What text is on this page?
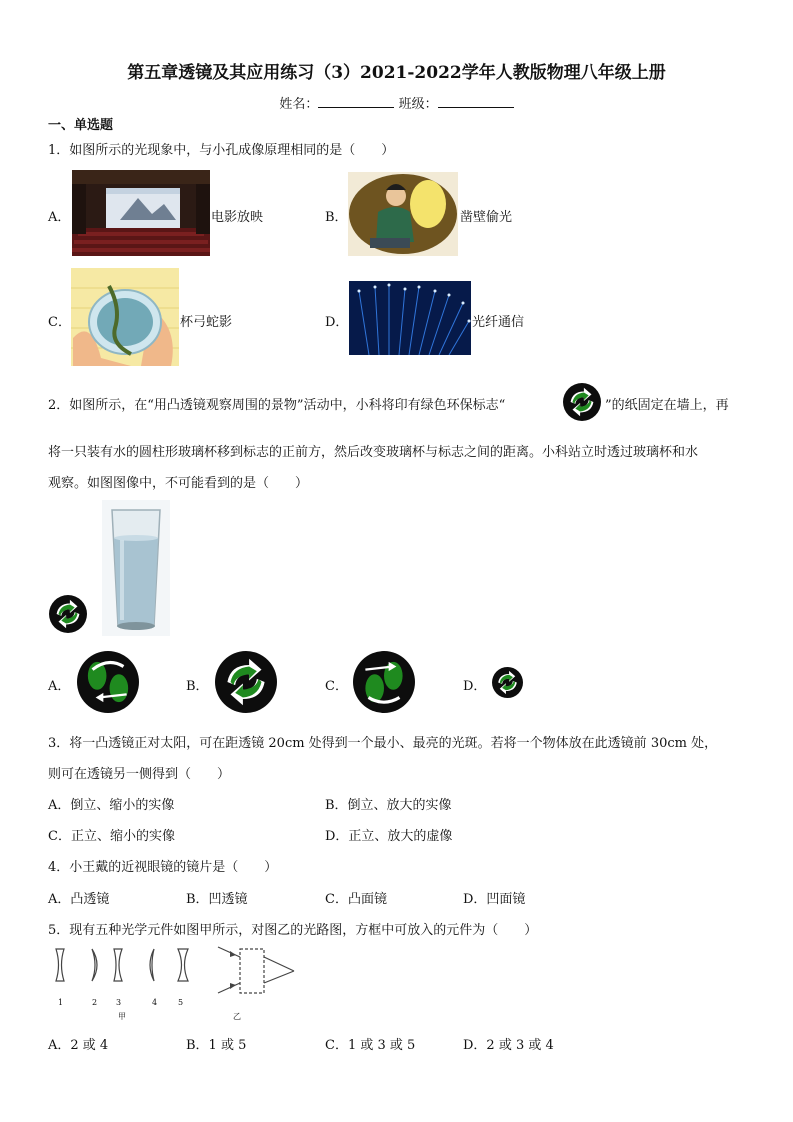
第五章透镜及其应用练习（3）2021-2022学年人教版物理八年级上册
姓名：	班级：
一、单选题
1．如图所示的光现象中，与小孔成像原理相同的是（　　）
A．	电影放映	B．	凿壁偷光
C．	杯弓蛇影	D．	光纤通信
2．如图所示，在“用凸透镜观察周围的景物”活动中，小科将印有绿色环保标志“	”的纸固定在墙上，再
将一只装有水的圆柱形玻璃杯移到标志的正前方，然后改变玻璃杯与标志之间的距离。小科站立时透过玻璃杯和水
观察。如图图像中，不可能看到的是（　　）
A．	B．	C．	D．
3．将一凸透镜正对太阳，可在距透镜 20cm 处得到一个最小、最亮的光斑。若将一个物体放在此透镜前 30cm 处，
则可在透镜另一侧得到（　　）
A．倒立、缩小的实像	B．倒立、放大的实像
C．正立、缩小的实像	D．正立、放大的虚像
4．小王戴的近视眼镜的镜片是（　　）
A．凸透镜	B．凹透镜	C．凸面镜	D．凹面镜
5．现有五种光学元件如图甲所示，对图乙的光路图，方框中可放入的元件为（　　）
1	2 3	4	5
甲	乙
A．2 或 4	B．1 或 5	C．1 或 3 或 5	D．2 或 3 或 4
